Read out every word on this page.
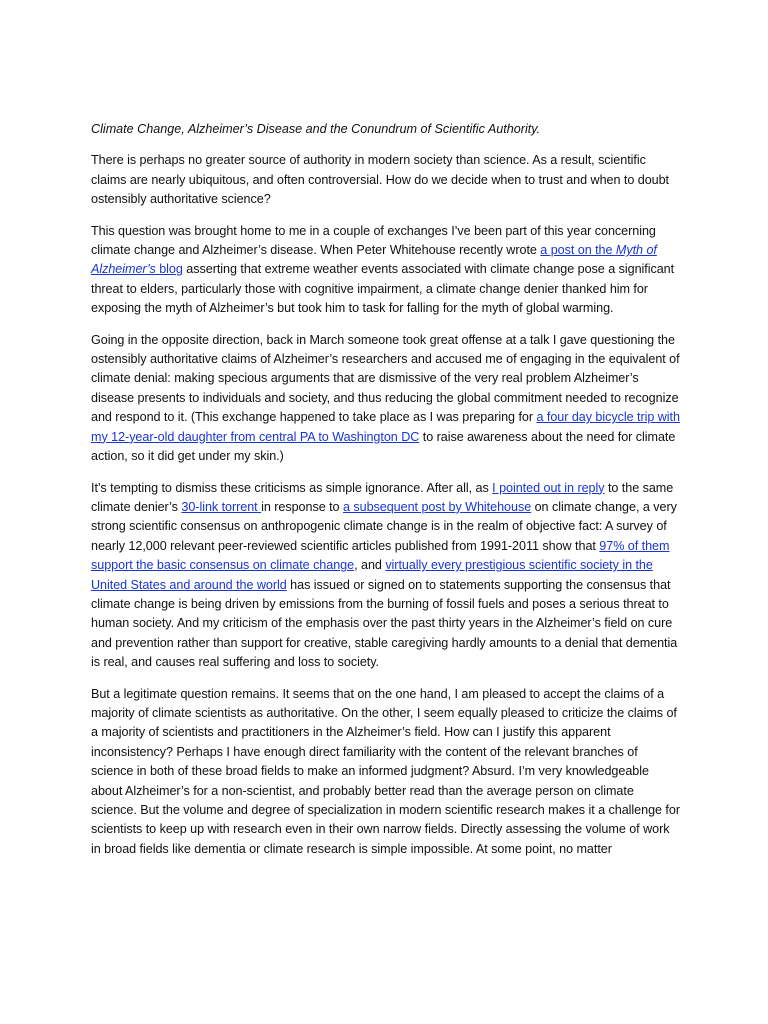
Climate Change, Alzheimer’s Disease and the Conundrum of Scientific Authority.

There is perhaps no greater source of authority in modern society than science. As a result, scientific claims are nearly ubiquitous, and often controversial. How do we decide when to trust and when to doubt ostensibly authoritative science?

This question was brought home to me in a couple of exchanges I’ve been part of this year concerning climate change and Alzheimer’s disease. When Peter Whitehouse recently wrote a post on the Myth of Alzheimer’s blog asserting that extreme weather events associated with climate change pose a significant threat to elders, particularly those with cognitive impairment, a climate change denier thanked him for exposing the myth of Alzheimer’s but took him to task for falling for the myth of global warming.

Going in the opposite direction, back in March someone took great offense at a talk I gave questioning the ostensibly authoritative claims of Alzheimer’s researchers and accused me of engaging in the equivalent of climate denial: making specious arguments that are dismissive of the very real problem Alzheimer’s disease presents to individuals and society, and thus reducing the global commitment needed to recognize and respond to it. (This exchange happened to take place as I was preparing for a four day bicycle trip with my 12-year-old daughter from central PA to Washington DC to raise awareness about the need for climate action, so it did get under my skin.)

It’s tempting to dismiss these criticisms as simple ignorance. After all, as I pointed out in reply to the same climate denier’s 30-link torrent in response to a subsequent post by Whitehouse on climate change, a very strong scientific consensus on anthropogenic climate change is in the realm of objective fact: A survey of nearly 12,000 relevant peer-reviewed scientific articles published from 1991-2011 show that 97% of them support the basic consensus on climate change, and virtually every prestigious scientific society in the United States and around the world has issued or signed on to statements supporting the consensus that climate change is being driven by emissions from the burning of fossil fuels and poses a serious threat to human society. And my criticism of the emphasis over the past thirty years in the Alzheimer’s field on cure and prevention rather than support for creative, stable caregiving hardly amounts to a denial that dementia is real, and causes real suffering and loss to society.

But a legitimate question remains. It seems that on the one hand, I am pleased to accept the claims of a majority of climate scientists as authoritative. On the other, I seem equally pleased to criticize the claims of a majority of scientists and practitioners in the Alzheimer’s field. How can I justify this apparent inconsistency? Perhaps I have enough direct familiarity with the content of the relevant branches of science in both of these broad fields to make an informed judgment? Absurd. I’m very knowledgeable about Alzheimer’s for a non-scientist, and probably better read than the average person on climate science. But the volume and degree of specialization in modern scientific research makes it a challenge for scientists to keep up with research even in their own narrow fields. Directly assessing the volume of work in broad fields like dementia or climate research is simple impossible. At some point, no matter
